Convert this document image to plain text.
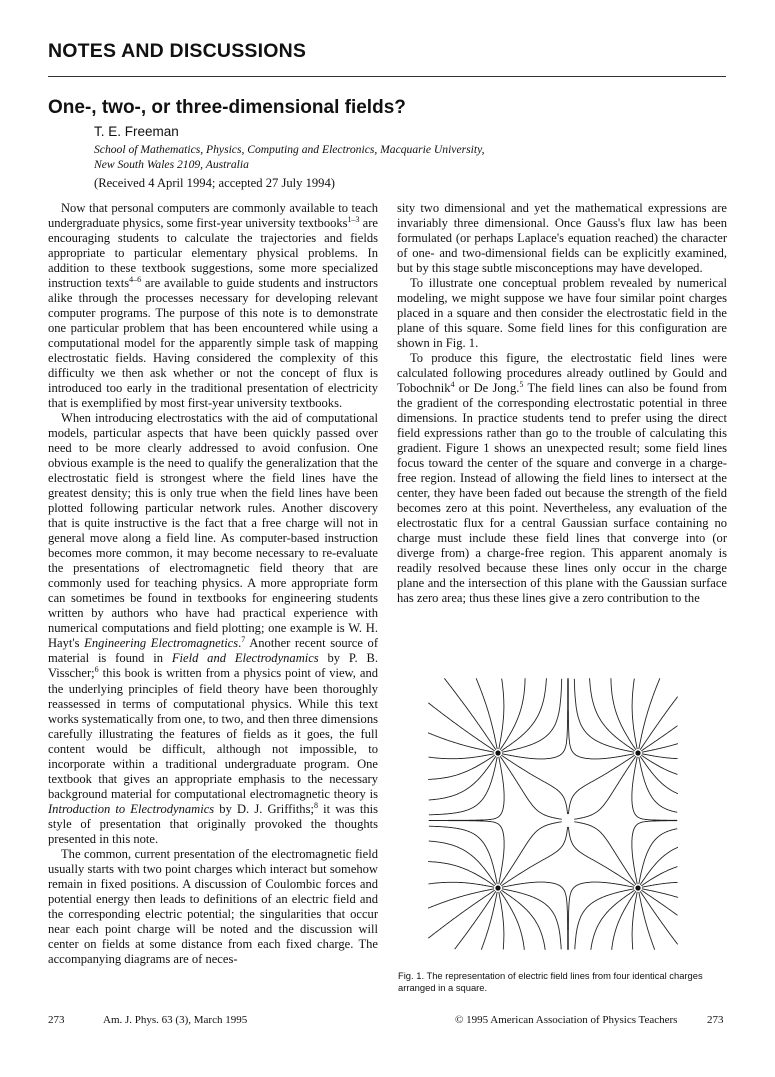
NOTES AND DISCUSSIONS
One-, two-, or three-dimensional fields?
T. E. Freeman
School of Mathematics, Physics, Computing and Electronics, Macquarie University,
New South Wales 2109, Australia
(Received 4 April 1994; accepted 27 July 1994)

Now that personal computers are commonly available to teach undergraduate physics, some first-year university textbooks$^{1-3}$ are encouraging students to calculate the trajectories and fields appropriate to particular elementary physical problems. In addition to these textbook suggestions, some more specialized instruction texts$^{4-6}$ are available to guide students and instructors alike through the processes necessary for developing relevant computer programs. The purpose of this note is to demonstrate one particular problem that has been encountered while using a computational model for the apparently simple task of mapping electrostatic fields. Having considered the complexity of this difficulty we then ask whether or not the concept of flux is introduced too early in the traditional presentation of electricity that is exemplified by most first-year university textbooks.

When introducing electrostatics with the aid of computational models, particular aspects that have been quickly passed over need to be more clearly addressed to avoid confusion. One obvious example is the need to qualify the generalization that the electrostatic field is strongest where the field lines have the greatest density; this is only true when the field lines have been plotted following particular network rules. Another discovery that is quite instructive is the fact that a free charge will not in general move along a field line. As computer-based instruction becomes more common, it may become necessary to re-evaluate the presentations of electromagnetic field theory that are commonly used for teaching physics. A more appropriate form can sometimes be found in textbooks for engineering students written by authors who have had practical experience with numerical computations and field plotting; one example is W. H. Hayt's Engineering Electromagnetics.$^7$ Another recent source of material is found in Field and Electrodynamics by P. B. Visscher;$^6$ this book is written from a physics point of view, and the underlying principles of field theory have been thoroughly reassessed in terms of computational physics. While this text works systematically from one, to two, and then three dimensions carefully illustrating the features of fields as it goes, the full content would be difficult, although not impossible, to incorporate within a traditional undergraduate program. One textbook that gives an appropriate emphasis to the necessary background material for computational electromagnetic theory is Introduction to Electrodynamics by D. J. Griffiths;$^8$ it was this style of presentation that originally provoked the thoughts presented in this note.

The common, current presentation of the electromagnetic field usually starts with two point charges which interact but somehow remain in fixed positions. A discussion of Coulombic forces and potential energy then leads to definitions of an electric field and the corresponding electric potential; the singularities that occur near each point charge will be noted and the discussion will center on fields at some distance from each fixed charge. The accompanying diagrams are of neces-

sity two dimensional and yet the mathematical expressions are invariably three dimensional. Once Gauss's flux law has been formulated (or perhaps Laplace's equation reached) the character of one- and two-dimensional fields can be explicitly examined, but by this stage subtle misconceptions may have developed.

To illustrate one conceptual problem revealed by numerical modeling, we might suppose we have four similar point charges placed in a square and then consider the electrostatic field in the plane of this square. Some field lines for this configuration are shown in Fig. 1.

To produce this figure, the electrostatic field lines were calculated following procedures already outlined by Gould and Tobochnik$^4$ or De Jong.$^5$ The field lines can also be found from the gradient of the corresponding electrostatic potential in three dimensions. In practice students tend to prefer using the direct field expressions rather than go to the trouble of calculating this gradient. Figure 1 shows an unexpected result; some field lines focus toward the center of the square and converge in a charge-free region. Instead of allowing the field lines to intersect at the center, they have been faded out because the strength of the field becomes zero at this point. Nevertheless, any evaluation of the electrostatic flux for a central Gaussian surface containing no charge must include these field lines that converge into (or diverge from) a charge-free region. This apparent anomaly is readily resolved because these lines only occur in the charge plane and the intersection of this plane with the Gaussian surface has zero area; thus these lines give a zero contribution to the

Fig. 1. The representation of electric field lines from four identical charges arranged in a square.
273	Am. J. Phys. 63 (3), March 1995	© 1995 American Association of Physics Teachers	273
